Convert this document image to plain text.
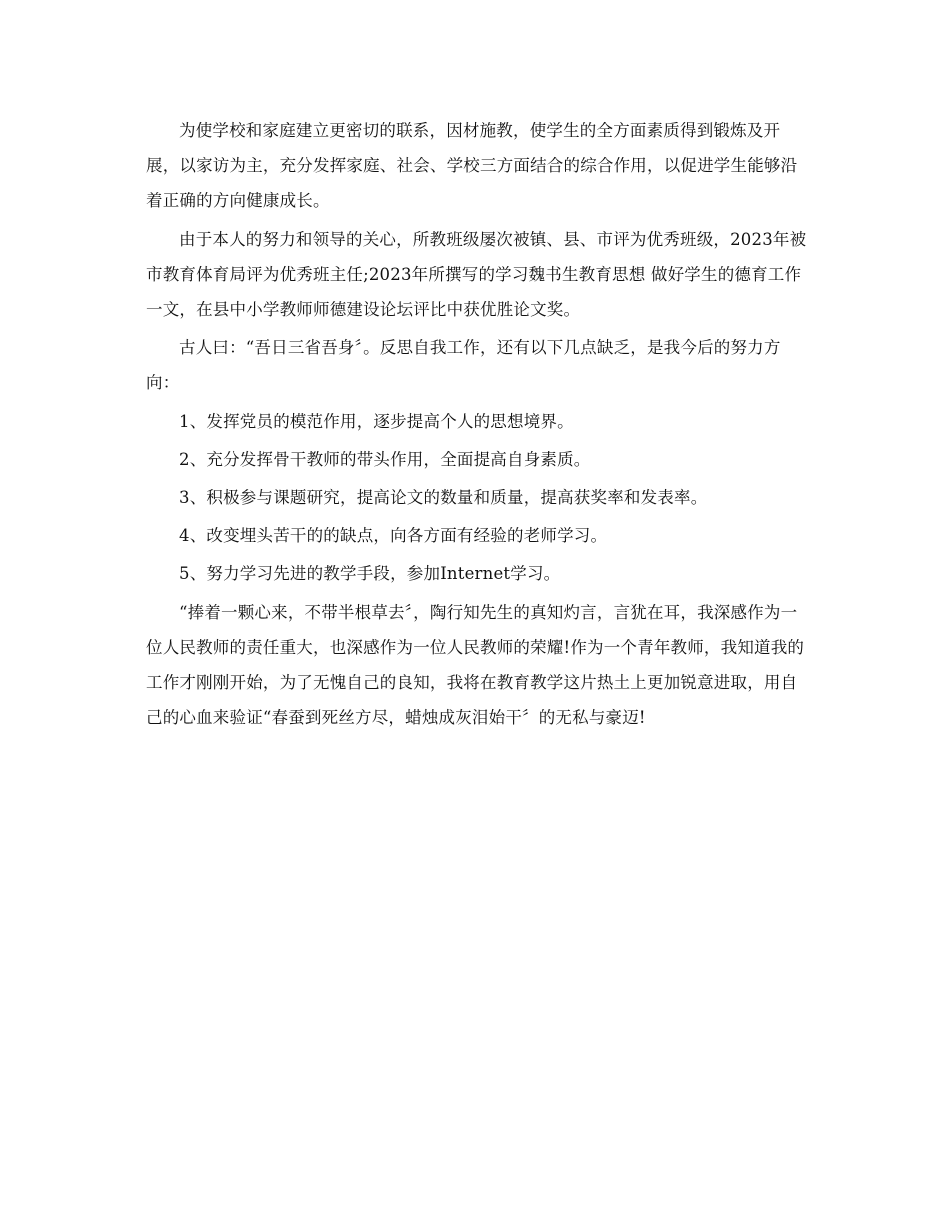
为使学校和家庭建立更密切的联系，因材施教，使学生的全方面素质得到锻炼及开展，以家访为主，充分发挥家庭、社会、学校三方面结合的综合作用，以促进学生能够沿着正确的方向健康成长。

由于本人的努力和领导的关心，所教班级屡次被镇、县、市评为优秀班级，2023年被市教育体育局评为优秀班主任;2023年所撰写的学习魏书生教育思想 做好学生的德育工作一文，在县中小学教师师德建设论坛评比中获优胜论文奖。

古人曰：“吾日三省吾身〞。反思自我工作，还有以下几点缺乏，是我今后的努力方向：

1、发挥党员的模范作用，逐步提高个人的思想境界。

2、充分发挥骨干教师的带头作用，全面提高自身素质。

3、积极参与课题研究，提高论文的数量和质量，提高获奖率和发表率。

4、改变埋头苦干的的缺点，向各方面有经验的老师学习。

5、努力学习先进的教学手段，参加Internet学习。

“捧着一颗心来，不带半根草去〞，陶行知先生的真知灼言，言犹在耳，我深感作为一位人民教师的责任重大，也深感作为一位人民教师的荣耀!作为一个青年教师，我知道我的工作才刚刚开始，为了无愧自己的良知，我将在教育教学这片热土上更加锐意进取，用自己的心血来验证“春蚕到死丝方尽，蜡烛成灰泪始干〞的无私与豪迈!
